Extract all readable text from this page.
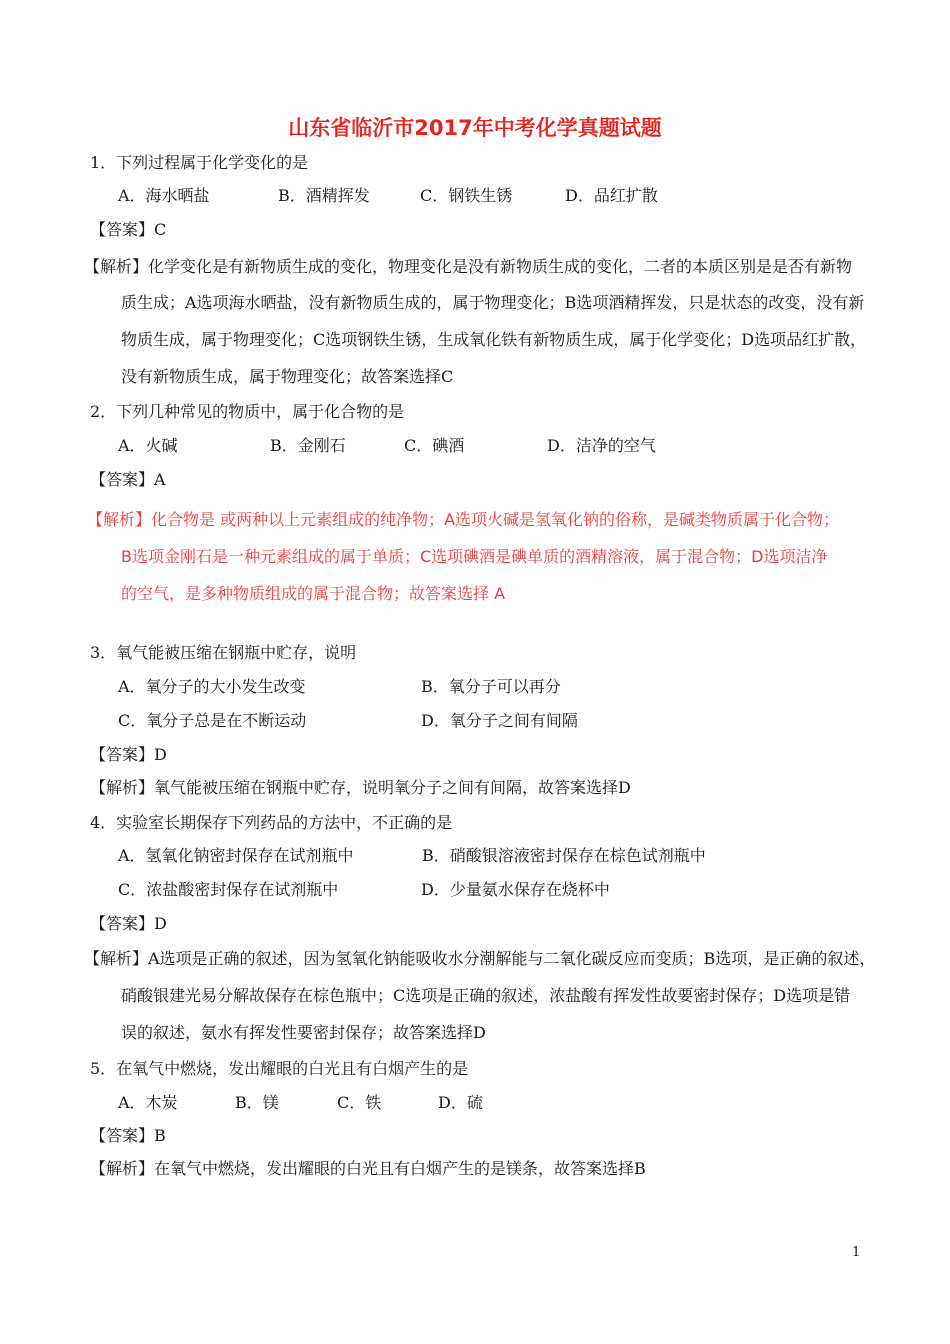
山东省临沂市2017年中考化学真题试题
1．下列过程属于化学变化的是
A．海水晒盐	B．酒精挥发	C．钢铁生锈	D．品红扩散
【答案】C
【解析】化学变化是有新物质生成的变化，物理变化是没有新物质生成的变化，二者的本质区别是是否有新物
质生成；A选项海水晒盐，没有新物质生成的，属于物理变化；B选项酒精挥发，只是状态的改变，没有新
物质生成，属于物理变化；C选项钢铁生锈，生成氧化铁有新物质生成，属于化学变化；D选项品红扩散，
没有新物质生成，属于物理变化；故答案选择C
2．下列几种常见的物质中，属于化合物的是
A．火碱	B．金刚石	C．碘酒	D．洁净的空气
【答案】A
【解析】化合物是 或两种以上元素组成的纯净物；A选项火碱是氢氧化钠的俗称，是碱类物质属于化合物；
B选项金刚石是一种元素组成的属于单质；C选项碘酒是碘单质的酒精溶液，属于混合物；D选项洁净
的空气，是多种物质组成的属于混合物；故答案选择 A
3．氧气能被压缩在钢瓶中贮存，说明
A．氧分子的大小发生改变	B．氧分子可以再分
C．氧分子总是在不断运动	D．氧分子之间有间隔
【答案】D
【解析】氧气能被压缩在钢瓶中贮存，说明氧分子之间有间隔，故答案选择D
4．实验室长期保存下列药品的方法中，不正确的是
A．氢氧化钠密封保存在试剂瓶中	B．硝酸银溶液密封保存在棕色试剂瓶中
C．浓盐酸密封保存在试剂瓶中	D．少量氨水保存在烧杯中
【答案】D
【解析】A选项是正确的叙述，因为氢氧化钠能吸收水分潮解能与二氧化碳反应而变质；B选项，是正确的叙述，
硝酸银建光易分解故保存在棕色瓶中；C选项是正确的叙述，浓盐酸有挥发性故要密封保存；D选项是错
误的叙述，氨水有挥发性要密封保存；故答案选择D
5．在氧气中燃烧，发出耀眼的白光且有白烟产生的是
A．木炭	B．镁	C．铁	D．硫
【答案】B
【解析】在氧气中燃烧，发出耀眼的白光且有白烟产生的是镁条，故答案选择B
1
